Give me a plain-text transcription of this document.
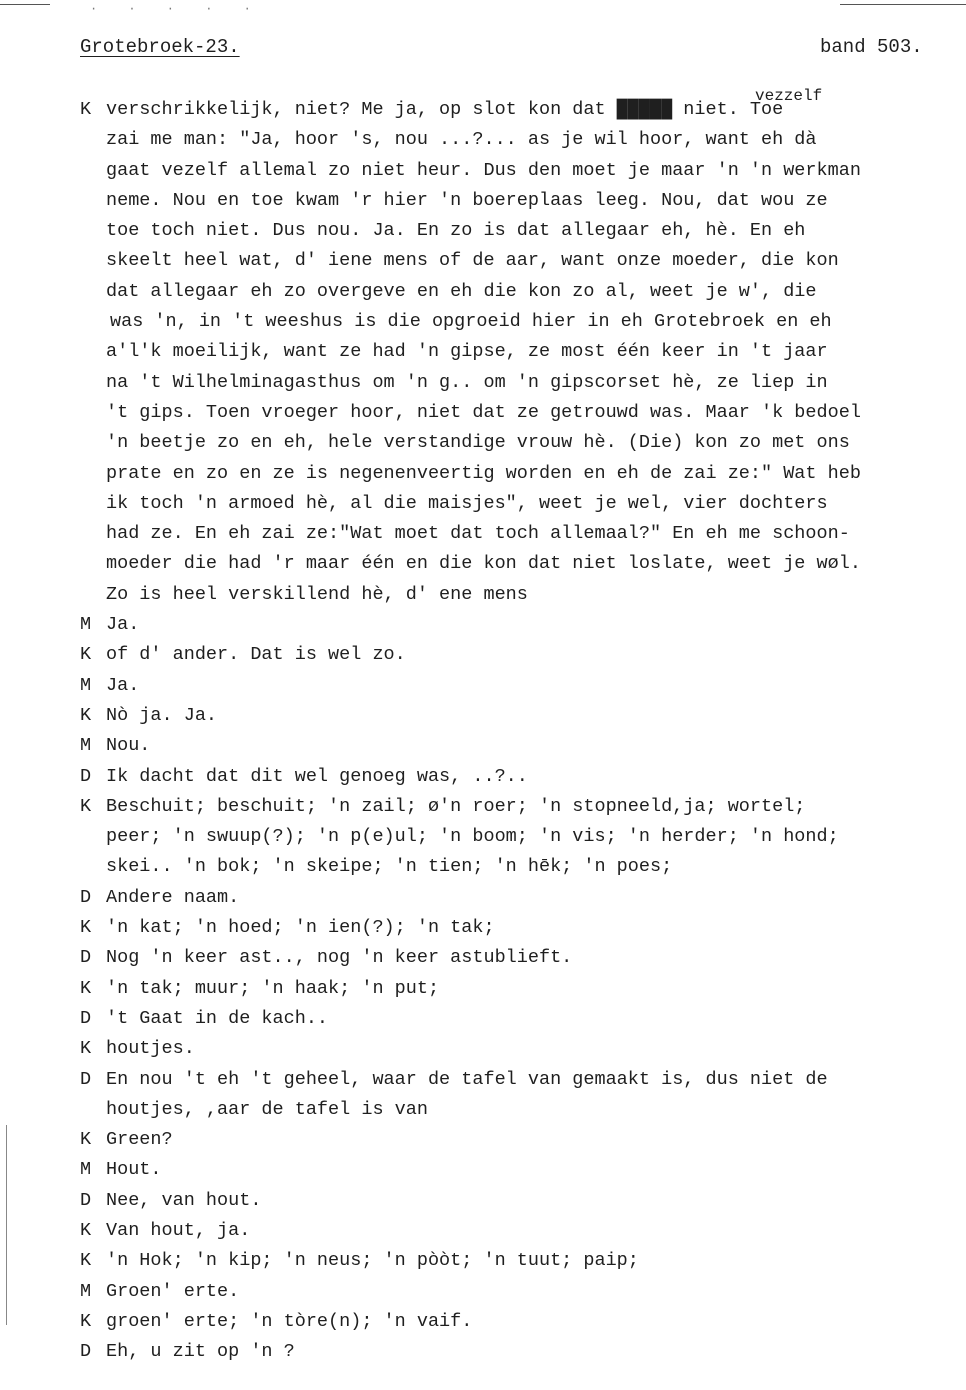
· · · · ·
Grotebroek-23.	band 503.
K verschrikkelijk, niet? Me ja, op slot kon dat █████ niet. Toe
vezzelf
zai me man: "Ja, hoor 's, nou ...?... as je wil hoor, want eh dà
gaat vezelf allemal zo niet heur. Dus den moet je maar 'n 'n werkman
neme. Nou en toe kwam 'r hier 'n boereplaas leeg. Nou, dat wou ze
toe toch niet. Dus nou. Ja. En zo is dat allegaar eh, hè. En eh
skeelt heel wat, d' iene mens of de aar, want onze moeder, die kon
dat allegaar eh zo overgeve en eh die kon zo al, weet je w', die
was 'n, in 't weeshus is die opgroeid hier in eh Grotebroek en eh
a'l'k moeilijk, want ze had 'n gipse, ze most één keer in 't jaar
na 't Wilhelminagasthus om 'n g.. om 'n gipscorset hè, ze liep in
't gips. Toen vroeger hoor, niet dat ze getrouwd was. Maar 'k bedoel
'n beetje zo en eh, hele verstandige vrouw hè. (Die) kon zo met ons
prate en zo en ze is negenenveertig worden en eh de zai ze:" Wat heb
ik toch 'n armoed hè, al die maisjes", weet je wel, vier dochters
had ze. En eh zai ze:"Wat moet dat toch allemaal?" En eh me schoon-
moeder die had 'r maar één en die kon dat niet loslate, weet je wøl.
Zo is heel verskillend hè, d' ene mens
M Ja.
K of d' ander. Dat is wel zo.
M Ja.
K Nò ja. Ja.
M Nou.
D Ik dacht dat dit wel genoeg was, ..?..
K Beschuit; beschuit; 'n zail; ø'n roer; 'n stopneeld,ja; wortel;
peer; 'n swuup(?); 'n p(e)ul; 'n boom; 'n vis; 'n herder; 'n hond;
skei.. 'n bok; 'n skeipe; 'n tien; 'n hēk; 'n poes;
D Andere naam.
K 'n kat; 'n hoed; 'n ien(?); 'n tak;
D Nog 'n keer ast.., nog 'n keer astublieft.
K 'n tak; muur; 'n haak; 'n put;
D 't Gaat in de kach..
K houtjes.
D En nou 't eh 't geheel, waar de tafel van gemaakt is, dus niet de
houtjes, ,aar de tafel is van
K Green?
M Hout.
D Nee, van hout.
K Van hout, ja.
K 'n Hok; 'n kip; 'n neus; 'n pòòt; 'n tuut; paip;
M Groen' erte.
K groen' erte; 'n tòre(n); 'n vaif.
D Eh, u zit op 'n ?
